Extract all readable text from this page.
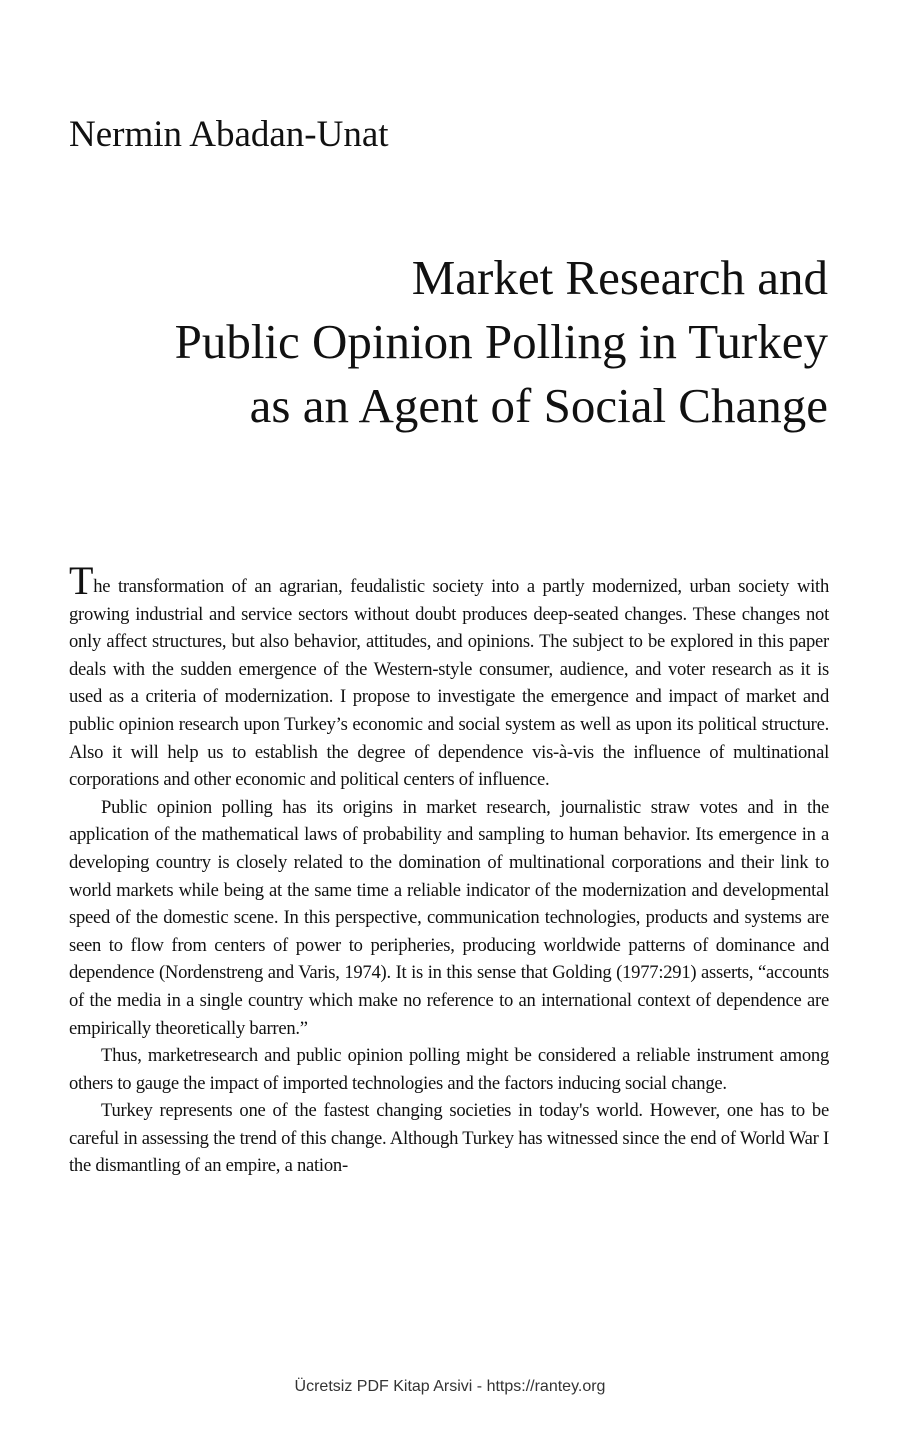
Nermin Abadan-Unat
Market Research and
Public Opinion Polling in Turkey
as an Agent of Social Change

The transformation of an agrarian, feudalistic society into a partly modernized, urban society with growing industrial and service sectors without doubt produces deep-seated changes. These changes not only affect structures, but also behavior, attitudes, and opinions. The subject to be explored in this paper deals with the sudden emergence of the Western-style consumer, audience, and voter research as it is used as a criteria of modernization. I propose to investigate the emergence and impact of market and public opinion research upon Turkey’s economic and social system as well as upon its political structure. Also it will help us to establish the degree of dependence vis-à-vis the influence of multinational corporations and other economic and political centers of influence.

Public opinion polling has its origins in market research, journalistic straw votes and in the application of the mathematical laws of probability and sampling to human behavior. Its emergence in a developing country is closely related to the domination of multinational corporations and their link to world markets while being at the same time a reliable indicator of the modernization and developmental speed of the domestic scene. In this perspective, communication technologies, products and systems are seen to flow from centers of power to peripheries, producing worldwide patterns of dominance and dependence (Nordenstreng and Varis, 1974). It is in this sense that Golding (1977:291) asserts, “accounts of the media in a single country which make no reference to an international context of dependence are empirically theoretically barren.”

Thus, marketresearch and public opinion polling might be considered a reliable instrument among others to gauge the impact of imported technologies and the factors inducing social change.

Turkey represents one of the fastest changing societies in today's world. However, one has to be careful in assessing the trend of this change. Although Turkey has witnessed since the end of World War I the dismantling of an empire, a nation-

Ücretsiz PDF Kitap Arsivi - https://rantey.org
